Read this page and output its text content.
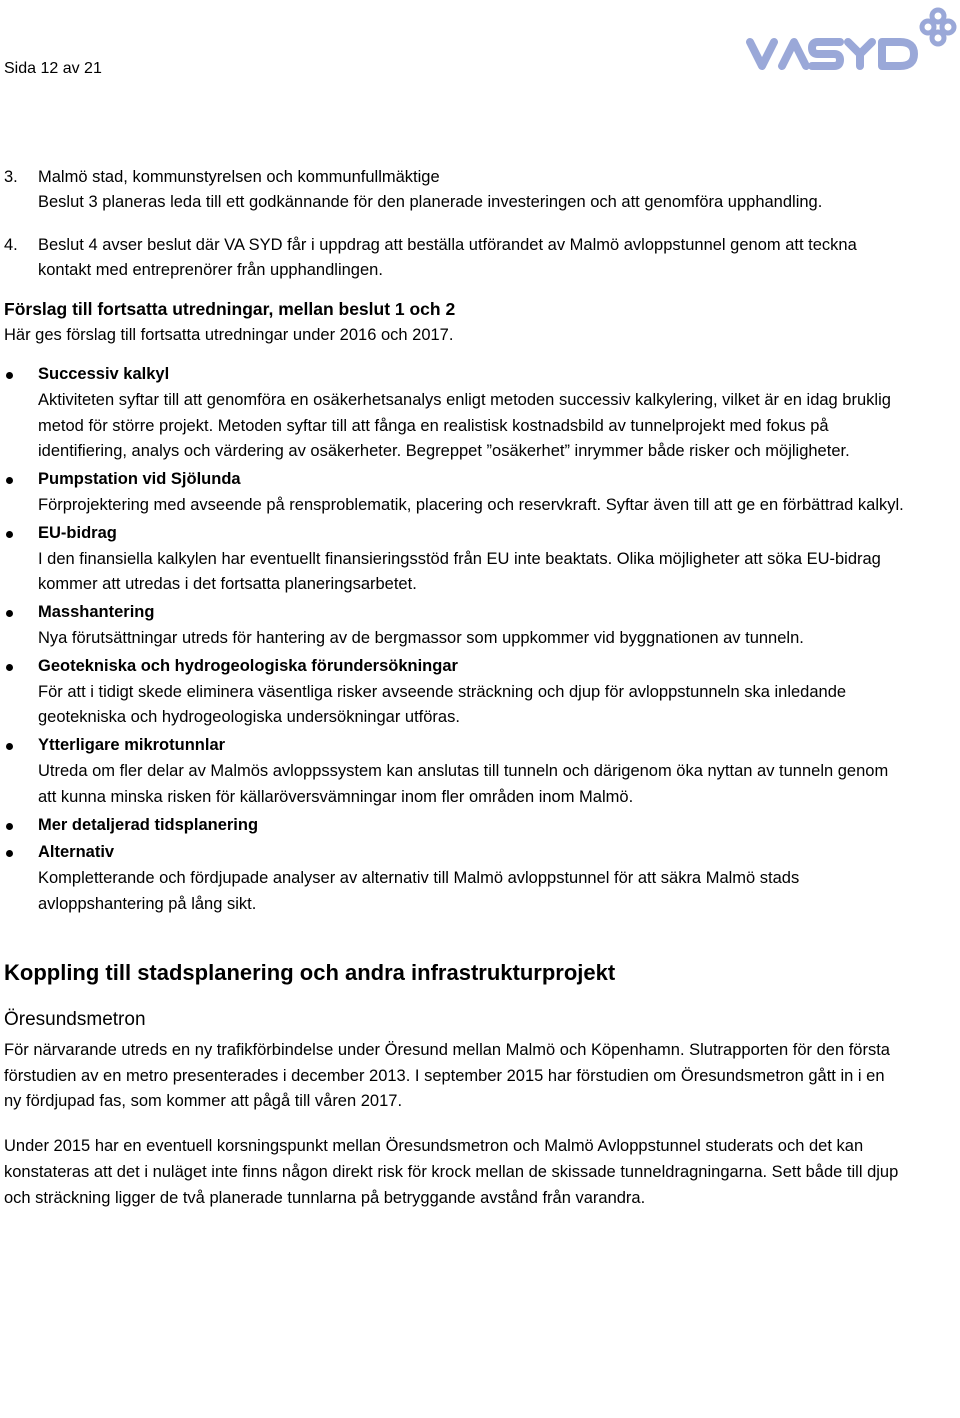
Sida 12 av 21
3.	Malmö stad, kommunstyrelsen och kommunfullmäktige
Beslut 3 planeras leda till ett godkännande för den planerade investeringen och att genomföra upphandling.
4.	Beslut 4 avser beslut där VA SYD får i uppdrag att beställa utförandet av Malmö avloppstunnel genom att teckna kontakt med entreprenörer från upphandlingen.
Förslag till fortsatta utredningar, mellan beslut 1 och 2
Här ges förslag till fortsatta utredningar under 2016 och 2017.
Successiv kalkyl
Aktiviteten syftar till att genomföra en osäkerhetsanalys enligt metoden successiv kalkylering, vilket är en idag bruklig metod för större projekt. Metoden syftar till att fånga en realistisk kostnadsbild av tunnelprojekt med fokus på identifiering, analys och värdering av osäkerheter. Begreppet ”osäkerhet” inrymmer både risker och möjligheter.
Pumpstation vid Sjölunda
Förprojektering med avseende på rensproblematik, placering och reservkraft. Syftar även till att ge en förbättrad kalkyl.
EU-bidrag
I den finansiella kalkylen har eventuellt finansieringsstöd från EU inte beaktats. Olika möjligheter att söka EU-bidrag kommer att utredas i det fortsatta planeringsarbetet.
Masshantering
Nya förutsättningar utreds för hantering av de bergmassor som uppkommer vid byggnationen av tunneln.
Geotekniska och hydrogeologiska förundersökningar
För att i tidigt skede eliminera väsentliga risker avseende sträckning och djup för avloppstunneln ska inledande geotekniska och hydrogeologiska undersökningar utföras.
Ytterligare mikrotunnlar
Utreda om fler delar av Malmös avloppssystem kan anslutas till tunneln och därigenom öka nyttan av tunneln genom att kunna minska risken för källaröversvämningar inom fler områden inom Malmö.
Mer detaljerad tidsplanering
Alternativ
Kompletterande och fördjupade analyser av alternativ till Malmö avloppstunnel för att säkra Malmö stads avloppshantering på lång sikt.
Koppling till stadsplanering och andra infrastrukturprojekt
Öresundsmetron
För närvarande utreds en ny trafikförbindelse under Öresund mellan Malmö och Köpenhamn. Slutrapporten för den första förstudien av en metro presenterades i december 2013. I september 2015 har förstudien om Öresundsmetron gått in i en ny fördjupad fas, som kommer att pågå till våren 2017.
Under 2015 har en eventuell korsningspunkt mellan Öresundsmetron och Malmö Avloppstunnel studerats och det kan konstateras att det i nuläget inte finns någon direkt risk för krock mellan de skissade tunneldragningarna. Sett både till djup och sträckning ligger de två planerade tunnlarna på betryggande avstånd från varandra.
